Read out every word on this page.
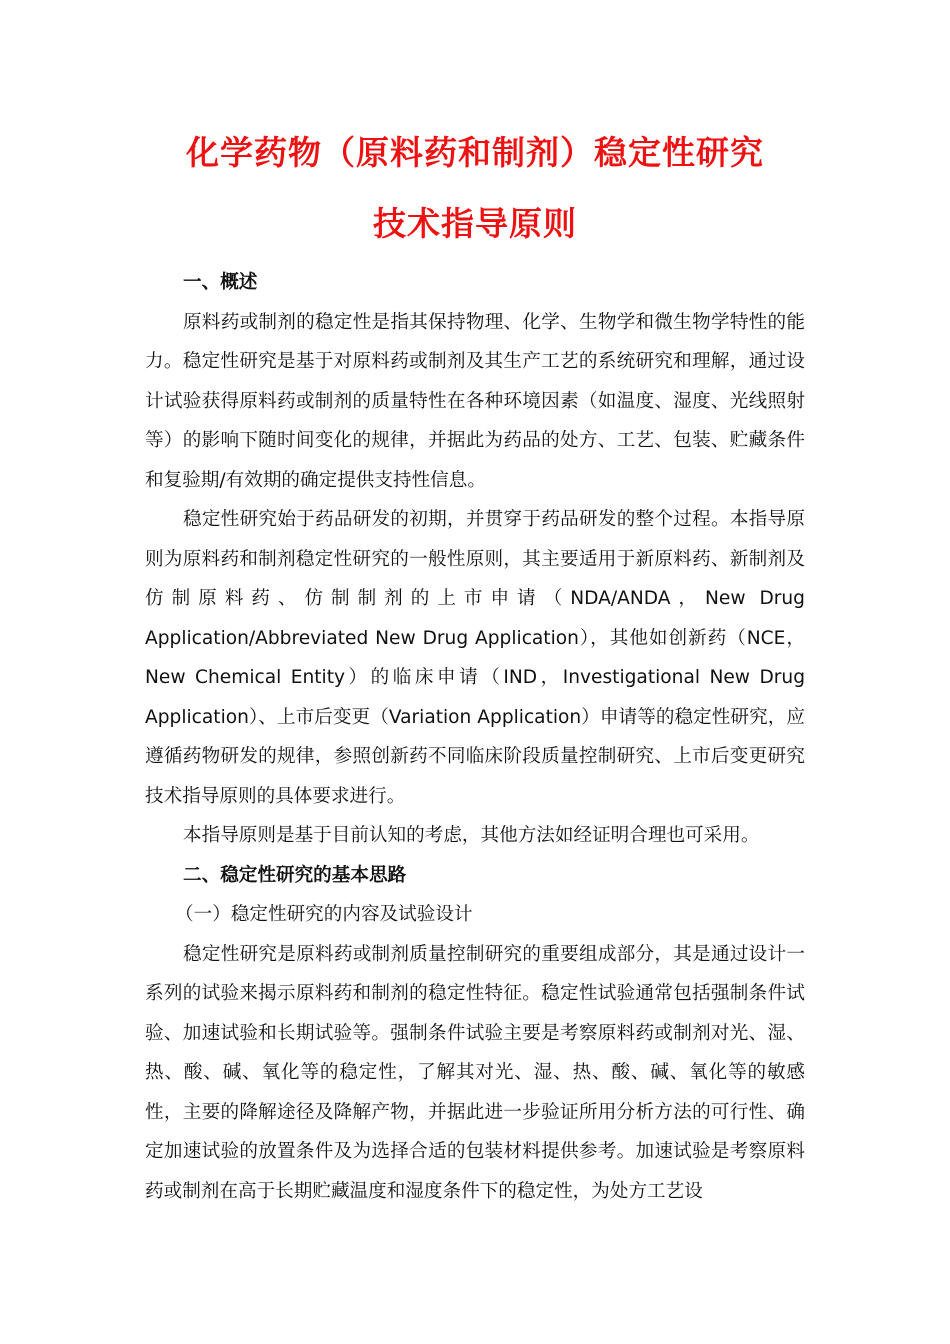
化学药物（原料药和制剂）稳定性研究
技术指导原则

一、概述

原料药或制剂的稳定性是指其保持物理、化学、生物学和微生物学特性的能力。稳定性研究是基于对原料药或制剂及其生产工艺的系统研究和理解，通过设计试验获得原料药或制剂的质量特性在各种环境因素（如温度、湿度、光线照射等）的影响下随时间变化的规律，并据此为药品的处方、工艺、包装、贮藏条件和复验期/有效期的确定提供支持性信息。

稳定性研究始于药品研发的初期，并贯穿于药品研发的整个过程。本指导原则为原料药和制剂稳定性研究的一般性原则，其主要适用于新原料药、新制剂及仿制原料药、仿制制剂的上市申请（NDA/ANDA，New Drug Application/Abbreviated New Drug Application），其他如创新药（NCE，New Chemical Entity）的临床申请（IND，Investigational New Drug Application）、上市后变更（Variation Application）申请等的稳定性研究，应遵循药物研发的规律，参照创新药不同临床阶段质量控制研究、上市后变更研究技术指导原则的具体要求进行。

本指导原则是基于目前认知的考虑，其他方法如经证明合理也可采用。

二、稳定性研究的基本思路

（一）稳定性研究的内容及试验设计

稳定性研究是原料药或制剂质量控制研究的重要组成部分，其是通过设计一系列的试验来揭示原料药和制剂的稳定性特征。稳定性试验通常包括强制条件试验、加速试验和长期试验等。强制条件试验主要是考察原料药或制剂对光、湿、热、酸、碱、氧化等的稳定性，了解其对光、湿、热、酸、碱、氧化等的敏感性，主要的降解途径及降解产物，并据此进一步验证所用分析方法的可行性、确定加速试验的放置条件及为选择合适的包装材料提供参考。加速试验是考察原料药或制剂在高于长期贮藏温度和湿度条件下的稳定性，为处方工艺设
